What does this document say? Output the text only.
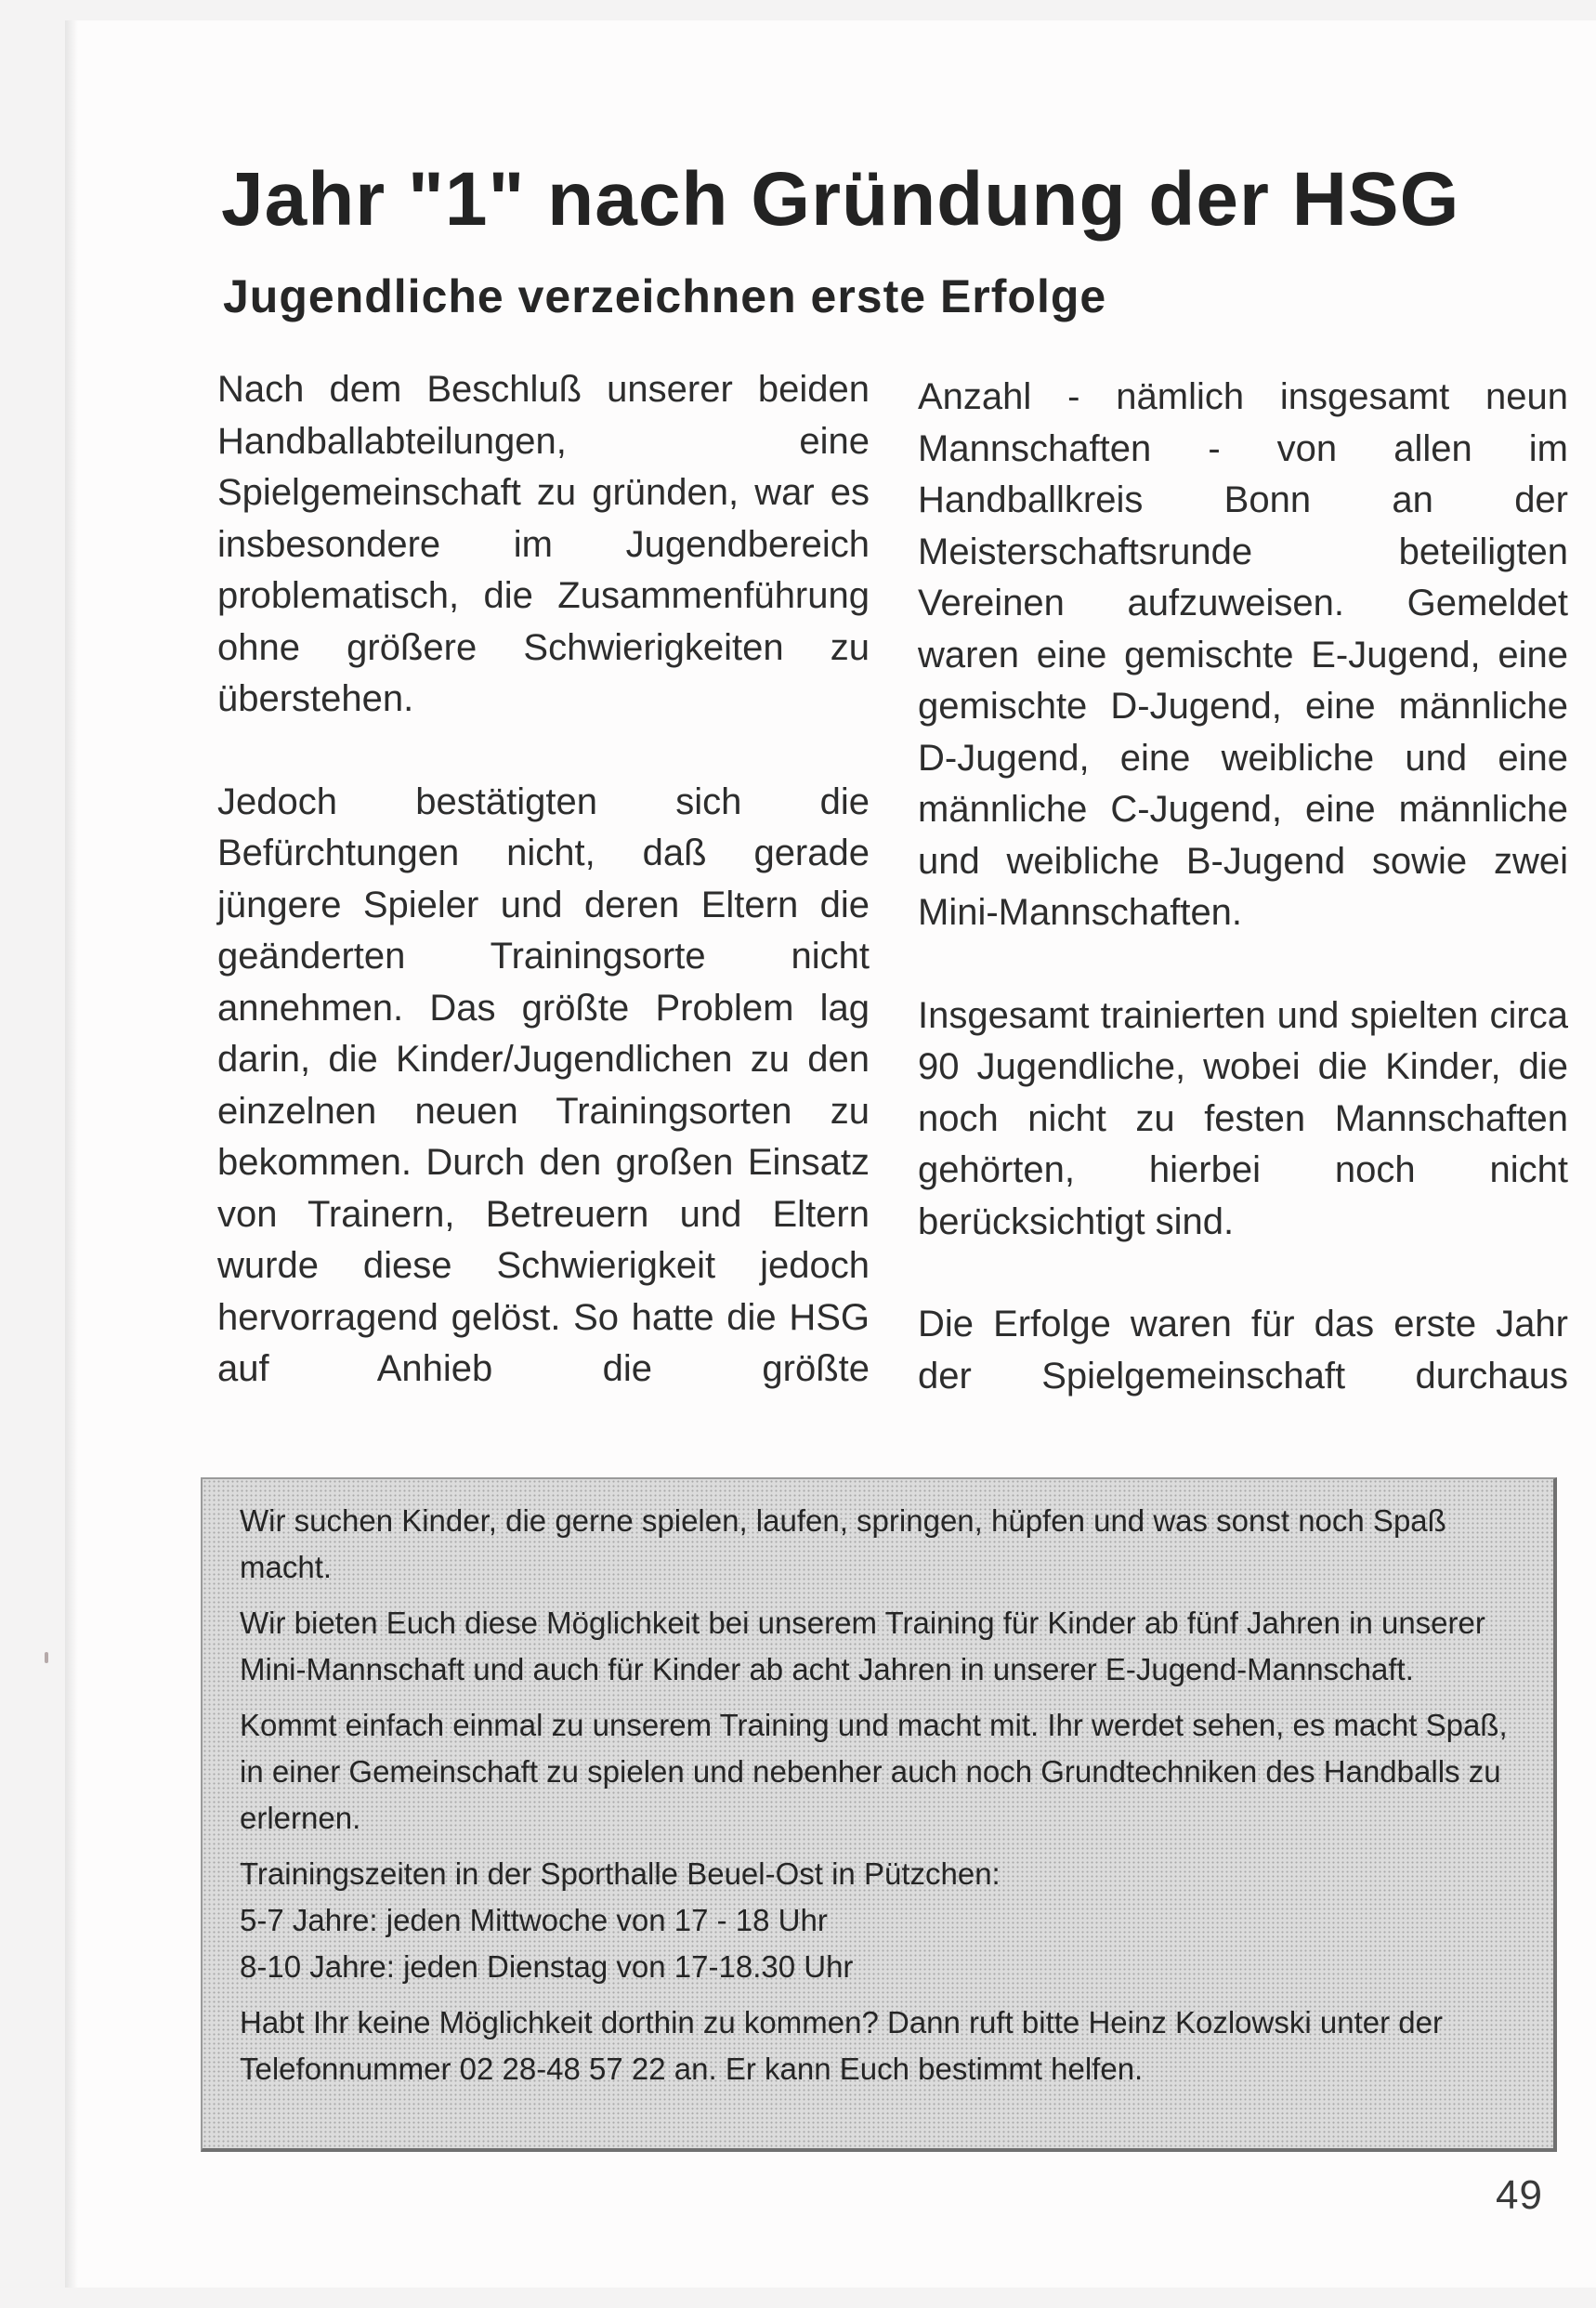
Jahr "1" nach Gründung der HSG
Jugendliche verzeichnen erste Erfolge

Nach dem Beschluß unserer beiden Handballabteilungen, eine Spielgemeinschaft zu gründen, war es insbesondere im Jugendbereich problematisch, die Zusammenführung ohne größere Schwierigkeiten zu überstehen.

Jedoch bestätigten sich die Befürchtungen nicht, daß gerade jüngere Spieler und deren Eltern die geänderten Trainingsorte nicht annehmen. Das größte Problem lag darin, die Kinder/Jugendlichen zu den einzelnen neuen Trainingsorten zu bekommen. Durch den großen Einsatz von Trainern, Betreuern und Eltern wurde diese Schwierigkeit jedoch hervorragend gelöst. So hatte die HSG auf Anhieb die größte

Anzahl - nämlich insgesamt neun Mannschaften - von allen im Handballkreis Bonn an der Meisterschaftsrunde beteiligten Vereinen aufzuweisen. Gemeldet waren eine gemischte E-Jugend, eine gemischte D-Jugend, eine männliche D-Jugend, eine weibliche und eine männliche C-Jugend, eine männliche und weibliche B-Jugend sowie zwei Mini-Mannschaften.

Insgesamt trainierten und spielten circa 90 Jugendliche, wobei die Kinder, die noch nicht zu festen Mannschaften gehörten, hierbei noch nicht berücksichtigt sind.

Die Erfolge waren für das erste Jahr der Spielgemeinschaft durchaus

Wir suchen Kinder, die gerne spielen, laufen, springen, hüpfen und was sonst noch Spaß macht.

Wir bieten Euch diese Möglichkeit bei unserem Training für Kinder ab fünf Jahren in unserer Mini-Mannschaft und auch für Kinder ab acht Jahren in unserer E-Jugend-Mannschaft.

Kommt einfach einmal zu unserem Training und macht mit. Ihr werdet sehen, es macht Spaß, in einer Gemeinschaft zu spielen und nebenher auch noch Grundtechniken des Handballs zu erlernen.

Trainingszeiten in der Sporthalle Beuel-Ost in Pützchen:

5-7 Jahre: jeden Mittwoche von 17 - 18 Uhr

8-10 Jahre: jeden Dienstag von 17-18.30 Uhr

Habt Ihr keine Möglichkeit dorthin zu kommen? Dann ruft bitte Heinz Kozlowski unter der Telefonnummer 02 28-48 57 22 an. Er kann Euch bestimmt helfen.

49
